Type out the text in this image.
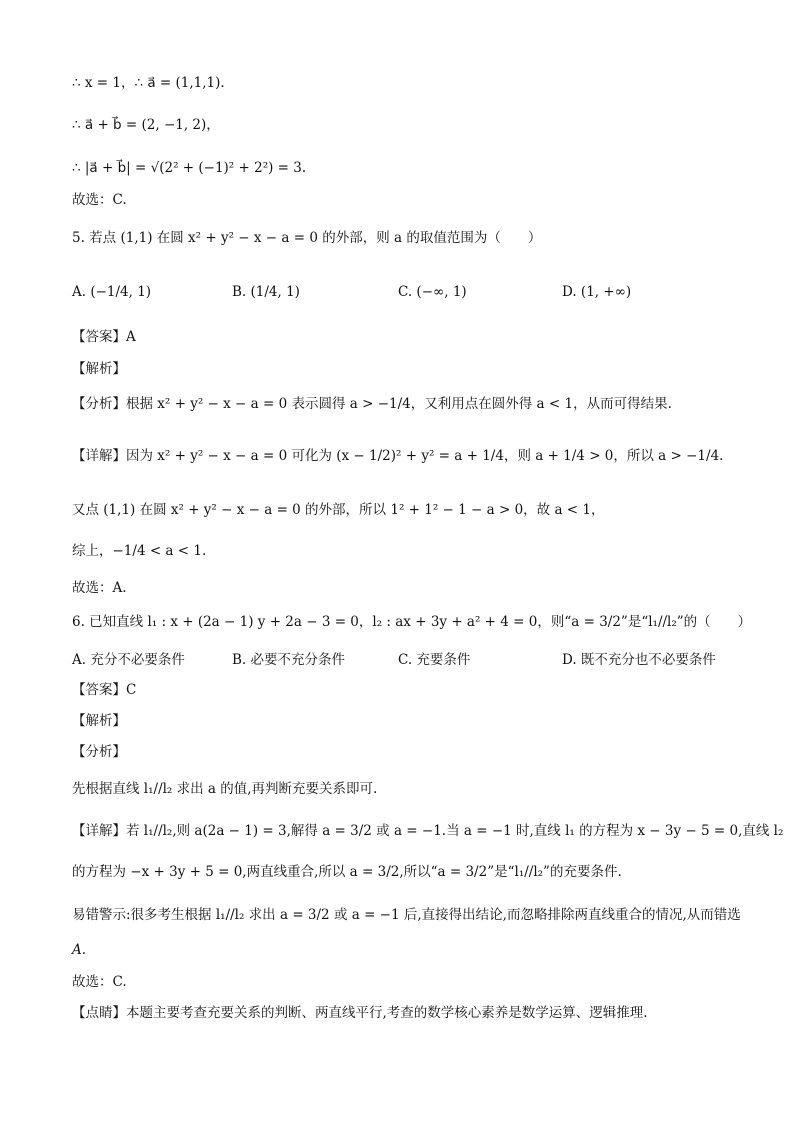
∴ x = 1，∴ a⃗ = (1,1,1).
∴ a⃗ + b⃗ = (2, −1, 2)，
∴ |a⃗ + b⃗| = √(2² + (−1)² + 2²) = 3.
故选：C.
5. 若点 (1,1) 在圆 x² + y² − x − a = 0 的外部，则 a 的取值范围为（　　）
A. (−1/4, 1)	B. (1/4, 1)	C. (−∞, 1)	D. (1, +∞)
【答案】A
【解析】
【分析】根据 x² + y² − x − a = 0 表示圆得 a > −1/4，又利用点在圆外得 a < 1，从而可得结果.
【详解】因为 x² + y² − x − a = 0 可化为 (x − 1/2)² + y² = a + 1/4，则 a + 1/4 > 0，所以 a > −1/4.
又点 (1,1) 在圆 x² + y² − x − a = 0 的外部，所以 1² + 1² − 1 − a > 0，故 a < 1，
综上，−1/4 < a < 1.
故选：A.
6. 已知直线 l₁ : x + (2a − 1) y + 2a − 3 = 0，l₂ : ax + 3y + a² + 4 = 0，则“a = 3/2”是“l₁//l₂”的（　　）
A. 充分不必要条件	B. 必要不充分条件	C. 充要条件	D. 既不充分也不必要条件
【答案】C
【解析】
【分析】
先根据直线 l₁//l₂ 求出 a 的值,再判断充要关系即可.
【详解】若 l₁//l₂,则 a(2a − 1) = 3,解得 a = 3/2 或 a = −1.当 a = −1 时,直线 l₁ 的方程为 x − 3y − 5 = 0,直线 l₂
的方程为 −x + 3y + 5 = 0,两直线重合,所以 a = 3/2,所以“a = 3/2”是“l₁//l₂”的充要条件.
易错警示:很多考生根据 l₁//l₂ 求出 a = 3/2 或 a = −1 后,直接得出结论,而忽略排除两直线重合的情况,从而错选
A.
故选：C.
【点睛】本题主要考查充要关系的判断、两直线平行,考查的数学核心素养是数学运算、逻辑推理.
